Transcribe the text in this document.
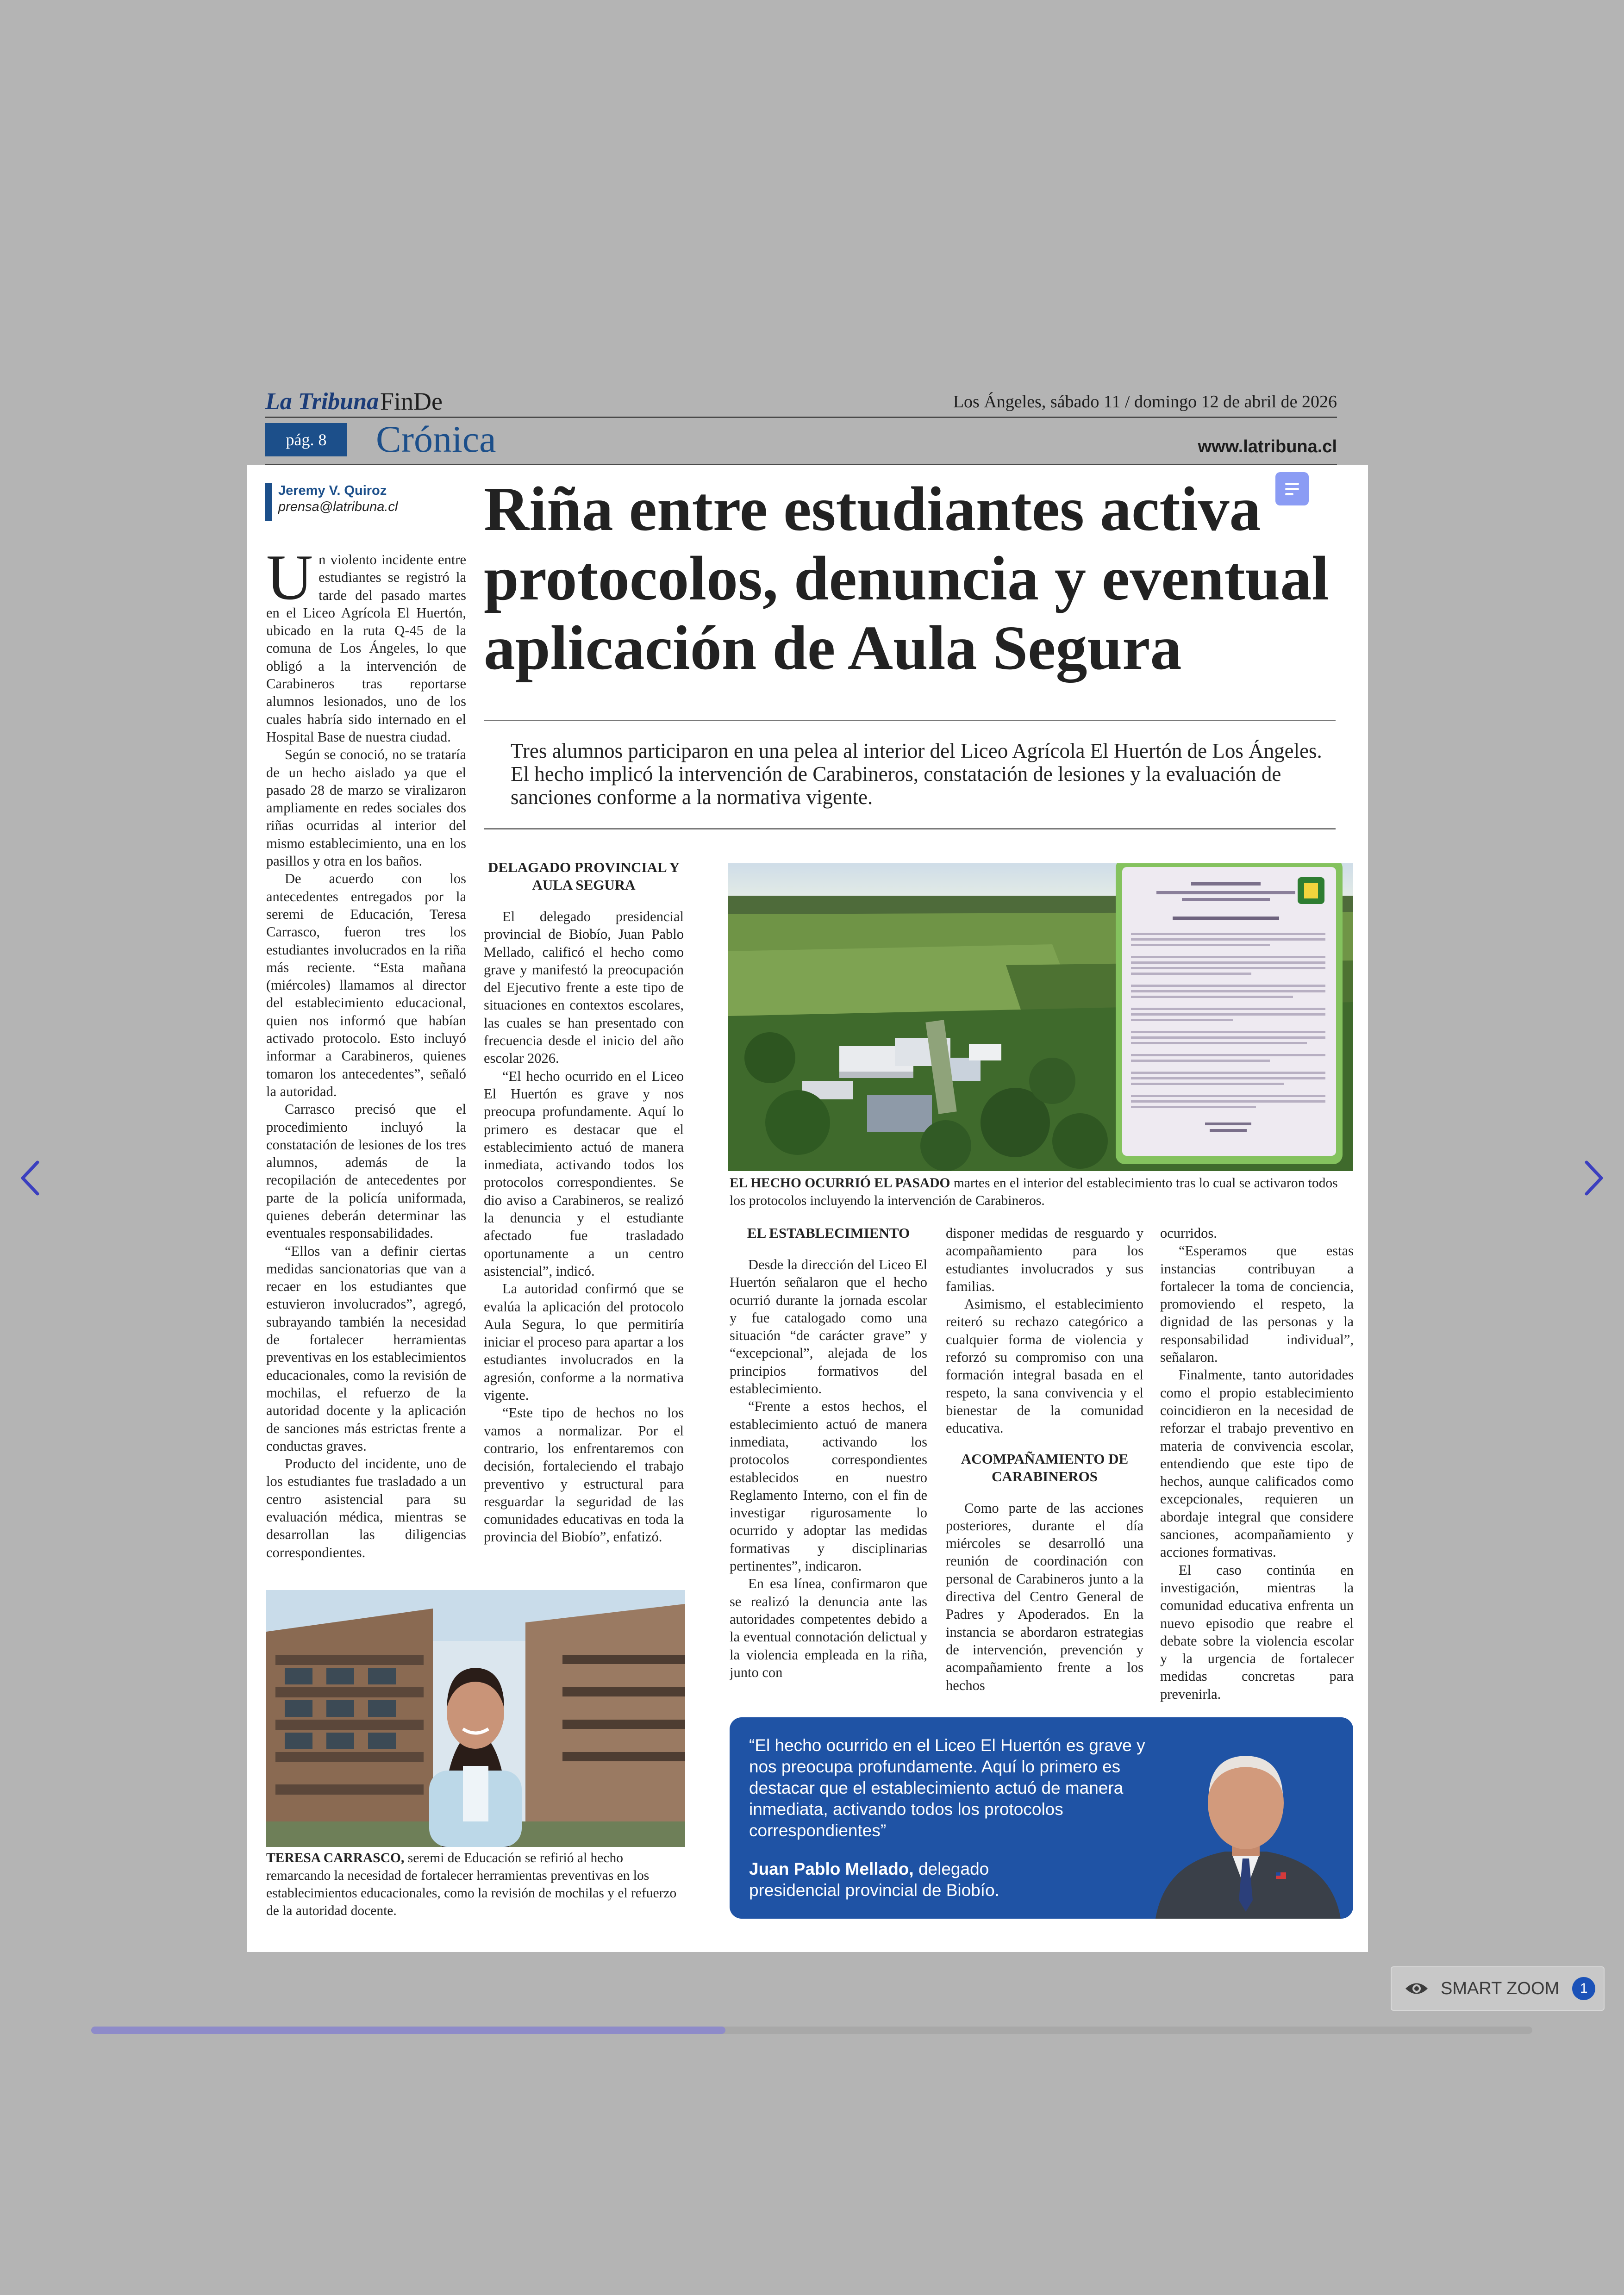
La Tribuna FinDe	Los Ángeles, sábado 11 / domingo 12 de abril de 2026
pág. 8	Crónica	www.latribuna.cl
Jeremy V. Quiroz
prensa@latribuna.cl Riña entre estudiantes activa protocolos, denuncia y eventual aplicación de Aula Segura
Tres alumnos participaron en una pelea al interior del Liceo Agrícola El Huertón de Los Ángeles. El hecho implicó la intervención de Carabineros, constatación de lesiones y la evaluación de sanciones conforme a la normativa vigente.

Un violento incidente entre estudiantes se registró la tarde del pasado martes en el Liceo Agrícola El Huertón, ubicado en la ruta Q-45 de la comuna de Los Ángeles, lo que obligó a la intervención de Carabineros tras reportarse alumnos lesionados, uno de los cuales habría sido internado en el Hospital Base de nuestra ciudad.

Según se conoció, no se trataría de un hecho aislado ya que el pasado 28 de marzo se viralizaron ampliamente en redes sociales dos riñas ocurridas al interior del mismo establecimiento, una en los pasillos y otra en los baños.

De acuerdo con los antecedentes entregados por la seremi de Educación, Teresa Carrasco, fueron tres los estudiantes involucrados en la riña más reciente. “Esta mañana (miércoles) llamamos al director del establecimiento educacional, quien nos informó que habían activado protocolo. Esto incluyó informar a Carabineros, quienes tomaron los antecedentes”, señaló la autoridad.

Carrasco precisó que el procedimiento incluyó la constatación de lesiones de los tres alumnos, además de la recopilación de antecedentes por parte de la policía uniformada, quienes deberán determinar las eventuales responsabilidades.

“Ellos van a definir ciertas medidas sancionatorias que van a recaer en los estudiantes que estuvieron involucrados”, agregó, subrayando también la necesidad de fortalecer herramientas preventivas en los establecimientos educacionales, como la revisión de mochilas, el refuerzo de la autoridad docente y la aplicación de sanciones más estrictas frente a conductas graves.

Producto del incidente, uno de los estudiantes fue trasladado a un centro asistencial para su evaluación médica, mientras se desarrollan las diligencias correspondientes.

DELAGADO PROVINCIAL Y AULA SEGURA

El delegado presidencial provincial de Biobío, Juan Pablo Mellado, calificó el hecho como grave y manifestó la preocupación del Ejecutivo frente a este tipo de situaciones en contextos escolares, las cuales se han presentado con frecuencia desde el inicio del año escolar 2026.

“El hecho ocurrido en el Liceo El Huertón es grave y nos preocupa profundamente. Aquí lo primero es destacar que el establecimiento actuó de manera inmediata, activando todos los protocolos correspondientes. Se dio aviso a Carabineros, se realizó la denuncia y el estudiante afectado fue trasladado oportunamente a un centro asistencial”, indicó.

La autoridad confirmó que se evalúa la aplicación del protocolo Aula Segura, lo que permitiría iniciar el proceso para apartar a los estudiantes involucrados en la agresión, conforme a la normativa vigente.

“Este tipo de hechos no los vamos a normalizar. Por el contrario, los enfrentaremos con decisión, fortaleciendo el trabajo preventivo y estructural para resguardar la seguridad de las comunidades educativas en toda la provincia del Biobío”, enfatizó.

EL HECHO OCURRIÓ EL PASADO martes en el interior del establecimiento tras lo cual se activaron todos los protocolos incluyendo la intervención de Carabineros.

EL ESTABLECIMIENTO

Desde la dirección del Liceo El Huertón señalaron que el hecho ocurrió durante la jornada escolar y fue catalogado como una situación “de carácter grave” y “excepcional”, alejada de los principios formativos del establecimiento.

“Frente a estos hechos, el establecimiento actuó de manera inmediata, activando los protocolos correspondientes establecidos en nuestro Reglamento Interno, con el fin de investigar rigurosamente lo ocurrido y adoptar las medidas formativas y disciplinarias pertinentes”, indicaron.

En esa línea, confirmaron que se realizó la denuncia ante las autoridades competentes debido a la eventual connotación delictual y la violencia empleada en la riña, junto con

disponer medidas de resguardo y acompañamiento para los estudiantes involucrados y sus familias.

Asimismo, el establecimiento reiteró su rechazo categórico a cualquier forma de violencia y reforzó su compromiso con una formación integral basada en el respeto, la sana convivencia y el bienestar de la comunidad educativa.

ACOMPAÑAMIENTO DE CARABINEROS

Como parte de las acciones posteriores, durante el día miércoles se desarrolló una reunión de coordinación con personal de Carabineros junto a la directiva del Centro General de Padres y Apoderados. En la instancia se abordaron estrategias de intervención, prevención y acompañamiento frente a los hechos

ocurridos.

“Esperamos que estas instancias contribuyan a fortalecer la toma de conciencia, promoviendo el respeto, la dignidad de las personas y la responsabilidad individual”, señalaron.

Finalmente, tanto autoridades como el propio establecimiento coincidieron en la necesidad de reforzar el trabajo preventivo en materia de convivencia escolar, entendiendo que este tipo de hechos, aunque calificados como excepcionales, requieren un abordaje integral que considere sanciones, acompañamiento y acciones formativas.

El caso continúa en investigación, mientras la comunidad educativa enfrenta un nuevo episodio que reabre el debate sobre la violencia escolar y la urgencia de fortalecer medidas concretas para prevenirla.

TERESA CARRASCO, seremi de Educación se refirió al hecho remarcando la necesidad de fortalecer herramientas preventivas en los establecimientos educacionales, como la revisión de mochilas y el refuerzo de la autoridad docente.
“El hecho ocurrido en el Liceo El Huertón es grave y nos preocupa profundamente. Aquí lo primero es destacar que el establecimiento actuó de manera inmediata, activando todos los protocolos correspondientes”
Juan Pablo Mellado, delegado presidencial provincial de Biobío.
SMART ZOOM	1
